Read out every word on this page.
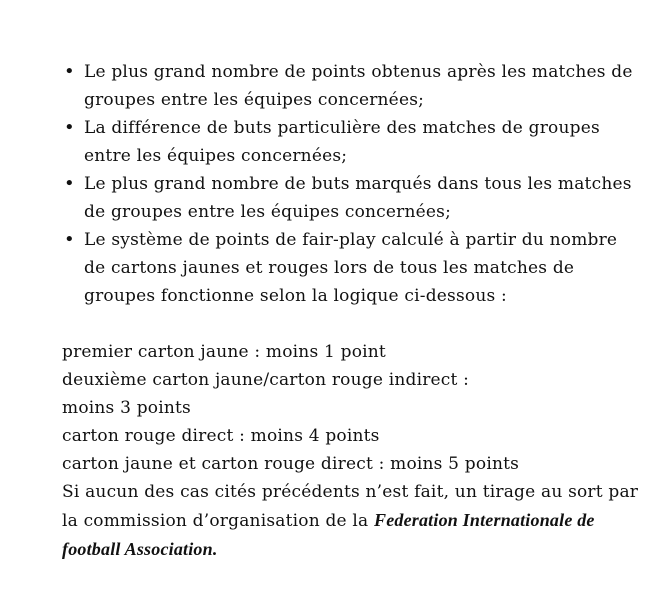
• Le plus grand nombre de points obtenus après les matches de groupes entre les équipes concernées;
• La différence de buts particulière des matches de groupes entre les équipes concernées;
• Le plus grand nombre de buts marqués dans tous les matches de groupes entre les équipes concernées;
• Le système de points de fair-play calculé à partir du nombre de cartons jaunes et rouges lors de tous les matches de groupes fonctionne selon la logique ci-dessous :
premier carton jaune : moins 1 point
deuxième carton jaune/carton rouge indirect :
moins 3 points
carton rouge direct : moins 4 points
carton jaune et carton rouge direct : moins 5 points
Si aucun des cas cités précédents n’est fait, un tirage au sort par la commission d’organisation de la Federation Internationale de football Association.
